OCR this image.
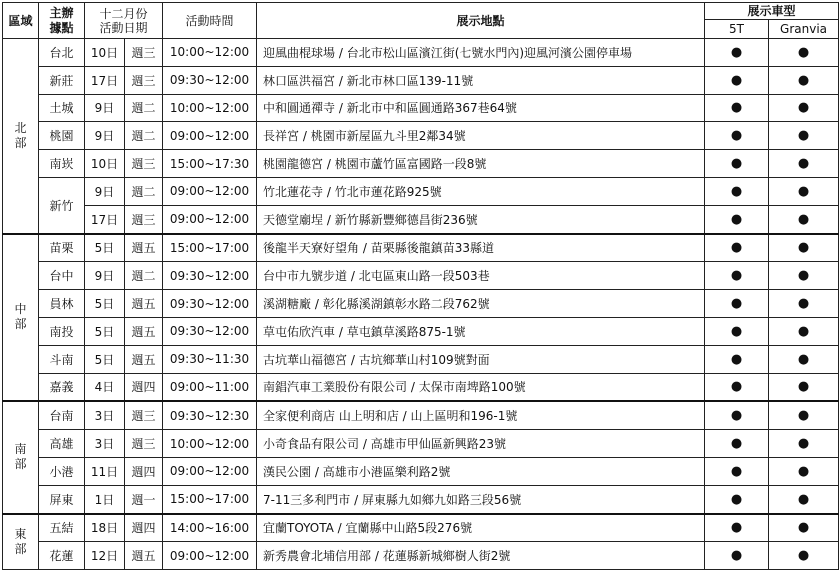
區域	主辦據點	十二月份
活動日期		活動時間	展示地點	展示車型	
						5T	Granvia

北部	台北	10日	週三	10:00~12:00	迎風曲棍球場 / 台北市松山區濱江街(七號水門內)迎風河濱公園停車場	●	●
	新莊	17日	週三	09:30~12:00	林口區洪福宮 / 新北市林口區139-11號	●	●
	土城	9日	週二	10:00~12:00	中和圓通禪寺 / 新北市中和區圓通路367巷64號	●	●
	桃園	9日	週二	09:00~12:00	長祥宮 / 桃園市新屋區九斗里2鄰34號	●	●
	南崁	10日	週三	15:00~17:30	桃園龍德宮 / 桃園市蘆竹區富國路一段8號	●	●
	新竹	9日	週二	09:00~12:00	竹北蓮花寺 / 竹北市蓮花路925號	●	●
		17日	週三	09:00~12:00	天德堂廟埕 / 新竹縣新豐鄉德昌街236號	●	●

中部	苗栗	5日	週五	15:00~17:00	後龍半天寮好望角 / 苗栗縣後龍鎮苗33縣道	●	●
	台中	9日	週二	09:30~12:00	台中市九號步道 / 北屯區東山路一段503巷	●	●
	員林	5日	週五	09:30~12:00	溪湖糖廠 / 彰化縣溪湖鎮彰水路二段762號	●	●
	南投	5日	週五	09:30~12:00	草屯佑欣汽車 / 草屯鎮草溪路875-1號	●	●
	斗南	5日	週五	09:30~11:30	古坑華山福德宮 / 古坑鄉華山村109號對面	●	●
	嘉義	4日	週四	09:00~11:00	南錩汽車工業股份有限公司 / 太保市南埤路100號	●	●

南部	台南	3日	週三	09:30~12:30	全家便利商店 山上明和店 / 山上區明和196-1號	●	●
	高雄	3日	週三	10:00~12:00	小奇食品有限公司 / 高雄市甲仙區新興路23號	●	●
	小港	11日	週四	09:00~12:00	漢民公園 / 高雄市小港區樂利路2號	●	●
	屏東	1日	週一	15:00~17:00	7-11三多利門市 / 屏東縣九如鄉九如路三段56號	●	●

東部	五結	18日	週四	14:00~16:00	宜蘭TOYOTA / 宜蘭縣中山路5段276號	●	●
	花蓮	12日	週五	09:00~12:00	新秀農會北埔信用部 / 花蓮縣新城鄉樹人街2號	●	●
